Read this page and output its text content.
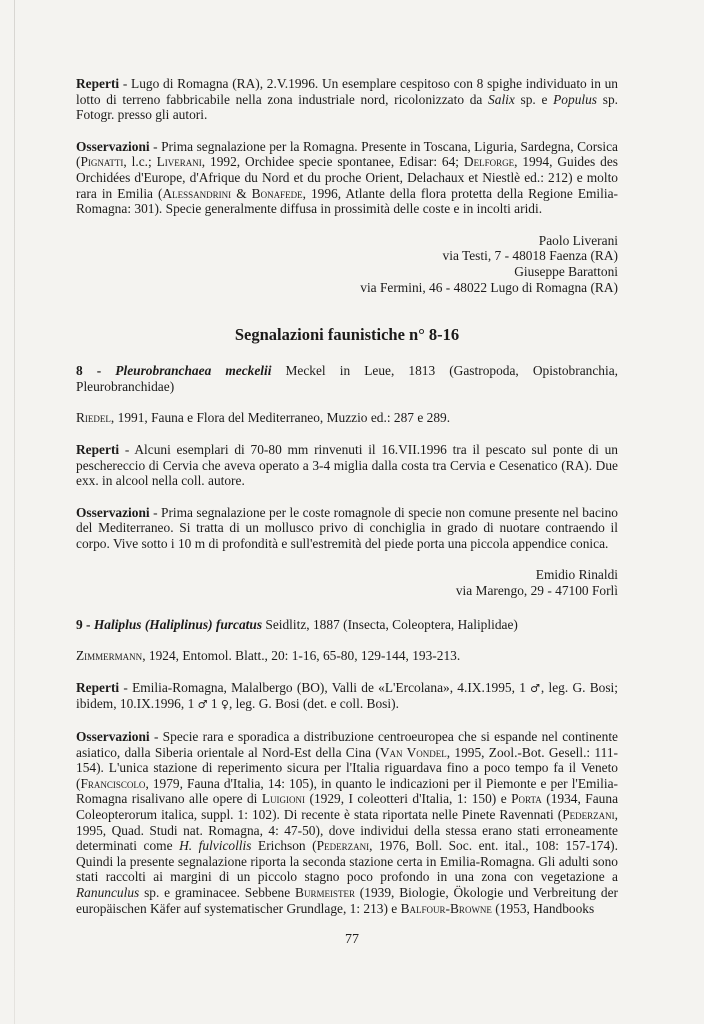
Reperti - Lugo di Romagna (RA), 2.V.1996. Un esemplare cespitoso con 8 spighe individuato in un lotto di terreno fabbricabile nella zona industriale nord, ricolonizzato da Salix sp. e Populus sp. Fotogr. presso gli autori.

Osservazioni - Prima segnalazione per la Romagna. Presente in Toscana, Liguria, Sardegna, Corsica (Pignatti, l.c.; Liverani, 1992, Orchidee specie spontanee, Edisar: 64; Delforge, 1994, Guides des Orchidées d'Europe, d'Afrique du Nord et du proche Orient, Delachaux et Niestlè ed.: 212) e molto rara in Emilia (Alessandrini & Bonafede, 1996, Atlante della flora protetta della Regione Emilia-Romagna: 301). Specie generalmente diffusa in prossimità delle coste e in incolti aridi.

Paolo Liverani

via Testi, 7 - 48018 Faenza (RA)

Giuseppe Barattoni

via Fermini, 46 - 48022 Lugo di Romagna (RA)

Segnalazioni faunistiche n° 8-16

8 - Pleurobranchaea meckelii Meckel in Leue, 1813 (Gastropoda, Opistobranchia, Pleurobranchidae)

Riedel, 1991, Fauna e Flora del Mediterraneo, Muzzio ed.: 287 e 289.

Reperti - Alcuni esemplari di 70-80 mm rinvenuti il 16.VII.1996 tra il pescato sul ponte di un peschereccio di Cervia che aveva operato a 3-4 miglia dalla costa tra Cervia e Cesenatico (RA). Due exx. in alcool nella coll. autore.

Osservazioni - Prima segnalazione per le coste romagnole di specie non comune presente nel bacino del Mediterraneo. Si tratta di un mollusco privo di conchiglia in grado di nuotare contraendo il corpo. Vive sotto i 10 m di profondità e sull'estremità del piede porta una piccola appendice conica.

Emidio Rinaldi

via Marengo, 29 - 47100 Forlì

9 - Haliplus (Haliplinus) furcatus Seidlitz, 1887 (Insecta, Coleoptera, Haliplidae)

Zimmermann, 1924, Entomol. Blatt., 20: 1-16, 65-80, 129-144, 193-213.

Reperti - Emilia-Romagna, Malalbergo (BO), Valli de «L'Ercolana», 4.IX.1995, 1 ♂, leg. G. Bosi; ibidem, 10.IX.1996, 1 ♂ 1 ♀, leg. G. Bosi (det. e coll. Bosi).

Osservazioni - Specie rara e sporadica a distribuzione centroeuropea che si espande nel continente asiatico, dalla Siberia orientale al Nord-Est della Cina (Van Vondel, 1995, Zool.-Bot. Gesell.: 111-154). L'unica stazione di reperimento sicura per l'Italia riguardava fino a poco tempo fa il Veneto (Franciscolo, 1979, Fauna d'Italia, 14: 105), in quanto le indicazioni per il Piemonte e per l'Emilia-Romagna risalivano alle opere di Luigioni (1929, I coleotteri d'Italia, 1: 150) e Porta (1934, Fauna Coleopterorum italica, suppl. 1: 102). Di recente è stata riportata nelle Pinete Ravennati (Pederzani, 1995, Quad. Studi nat. Romagna, 4: 47-50), dove individui della stessa erano stati erroneamente determinati come H. fulvicollis Erichson (Pederzani, 1976, Boll. Soc. ent. ital., 108: 157-174). Quindi la presente segnalazione riporta la seconda stazione certa in Emilia-Romagna. Gli adulti sono stati raccolti ai margini di un piccolo stagno poco profondo in una zona con vegetazione a Ranunculus sp. e graminacee. Sebbene Burmeister (1939, Biologie, Ökologie und Verbreitung der europäischen Käfer auf systematischer Grundlage, 1: 213) e Balfour-Browne (1953, Handbooks

77
